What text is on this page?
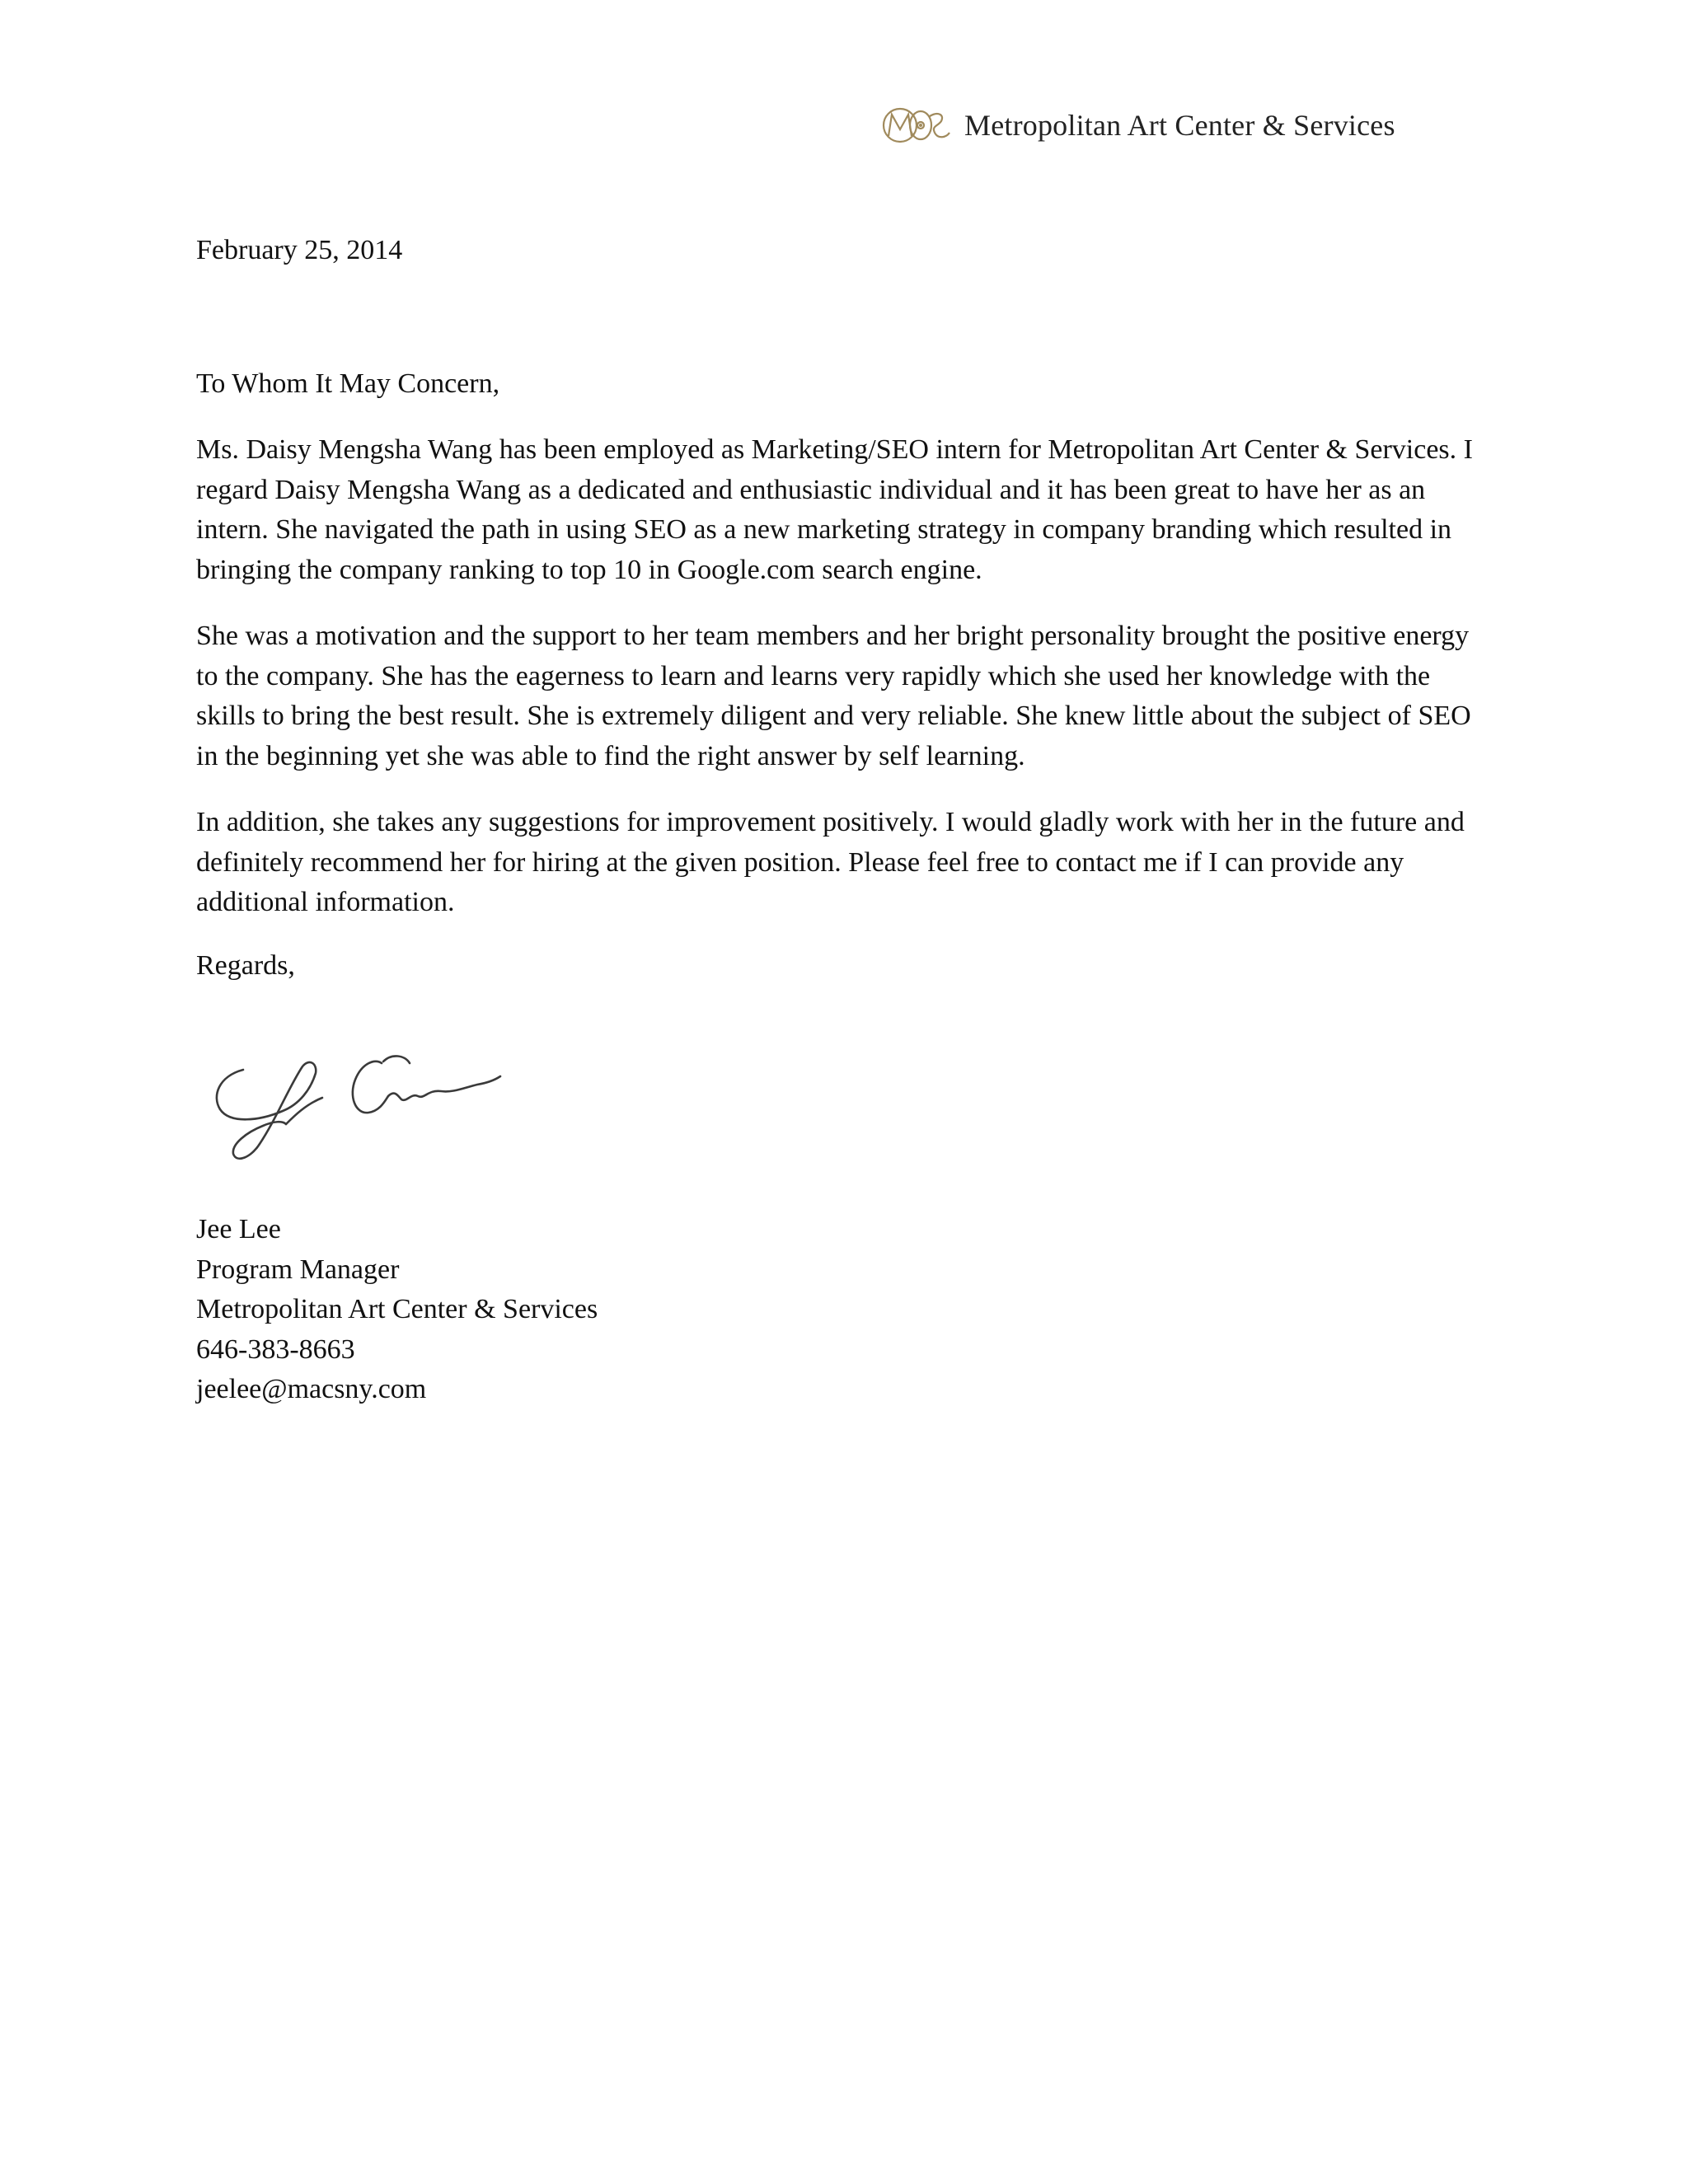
Metropolitan Art Center & Services

February 25, 2014

To Whom It May Concern,

Ms. Daisy Mengsha Wang has been employed as Marketing/SEO intern for Metropolitan Art Center & Services. I regard Daisy Mengsha Wang as a dedicated and enthusiastic individual and it has been great to have her as an intern. She navigated the path in using SEO as a new marketing strategy in company branding which resulted in bringing the company ranking to top 10 in Google.com search engine.

She was a motivation and the support to her team members and her bright personality brought the positive energy to the company. She has the eagerness to learn and learns very rapidly which she used her knowledge with the skills to bring the best result. She is extremely diligent and very reliable. She knew little about the subject of SEO in the beginning yet she was able to find the right answer by self learning.

In addition, she takes any suggestions for improvement positively. I would gladly work with her in the future and definitely recommend her for hiring at the given position. Please feel free to contact me if I can provide any additional information.

Regards,

Jee Lee
Program Manager
Metropolitan Art Center & Services
646-383-8663
jeelee@macsny.com
